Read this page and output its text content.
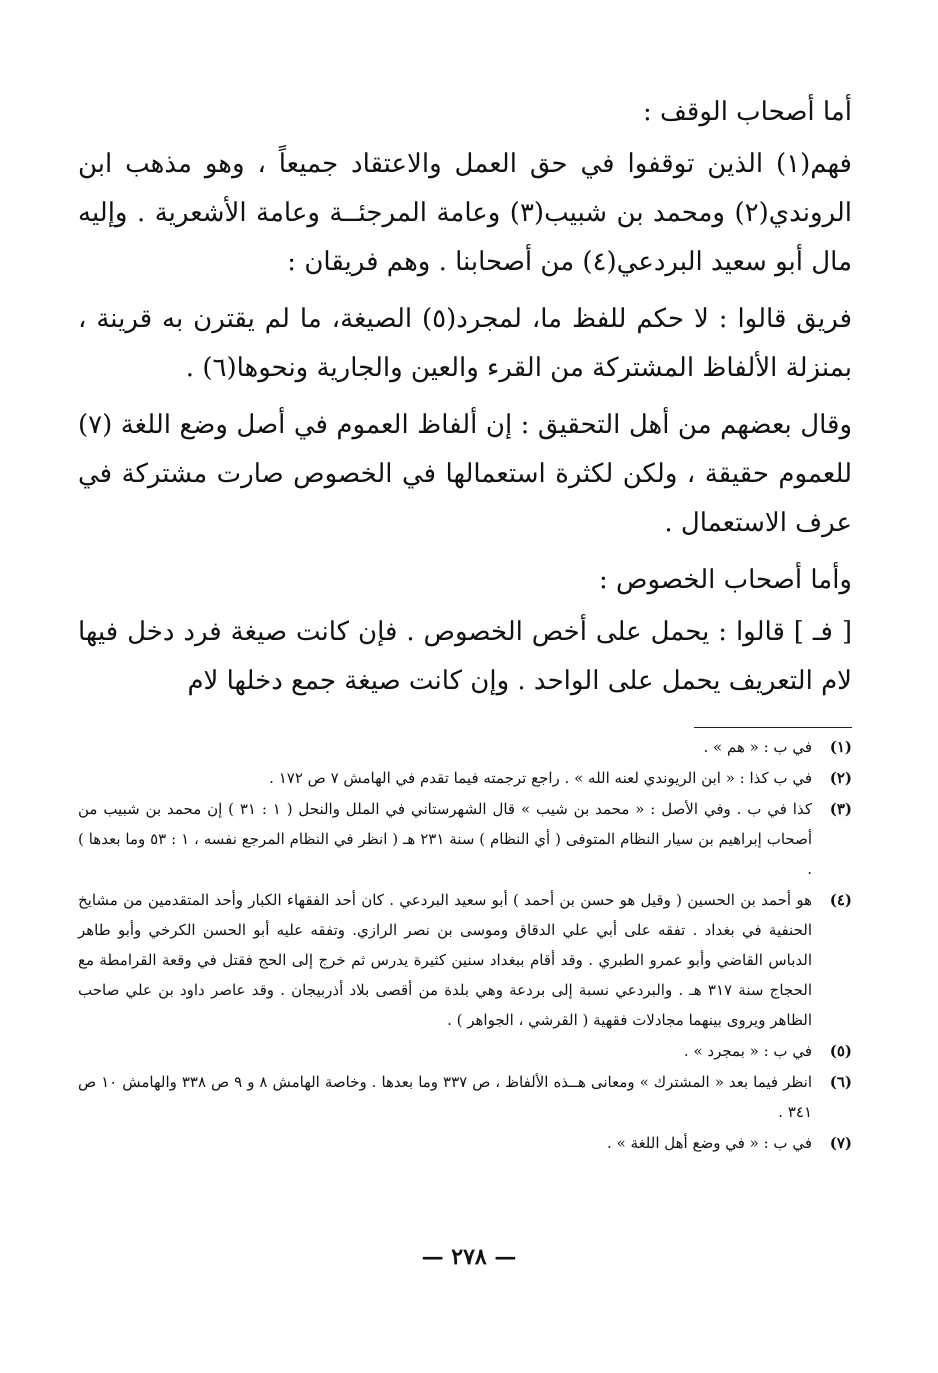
أما أصحاب الوقف :

فهم(١) الذين توقفوا في حق العمل والاعتقاد جميعاً ، وهو مذهب ابن الروندي(٢) ومحمد بن شبيب(٣) وعامة المرجئــة وعامة الأشعرية . وإليه مال أبو سعيد البردعي(٤) من أصحابنا . وهم فريقان :

فريق قالوا : لا حكم للفظ ما، لمجرد(٥) الصيغة، ما لم يقترن به قرينة ، بمنزلة الألفاظ المشتركة من القرء والعين والجارية ونحوها(٦) .

وقال بعضهم من أهل التحقيق : إن ألفاظ العموم في أصل وضع اللغة (٧) للعموم حقيقة ، ولكن لكثرة استعمالها في الخصوص صارت مشتركة في عرف الاستعمال .

وأما أصحاب الخصوص :

[ فـ ] قالوا : يحمل على أخص الخصوص . فإن كانت صيغة فرد دخل فيها لام التعريف يحمل على الواحد . وإن كانت صيغة جمع دخلها لام

(١)
في ب : « هم » .
(٢)
في ب كذا : « ابن الريوندي لعنه الله » . راجع ترجمته فيما تقدم في الهامش ٧ ص ١٧٢ .
(٣)
كذا في ب . وفي الأصل : « محمد بن شيب » قال الشهرستاني في الملل والنحل ( ١ : ٣١ ) إن محمد بن شبيب من أصحاب إبراهيم بن سيار النظام المتوفى ( أي النظام ) سنة ٢٣١ هـ ( انظر في النظام المرجع نفسه ، ١ : ٥٣ وما بعدها ) .
(٤)
هو أحمد بن الحسين ( وقيل هو حسن بن أحمد ) أبو سعيد البردعي . كان أحد الفقهاء الكبار وأحد المتقدمين من مشايخ الحنفية في بغداد . تفقه على أبي علي الدقاق وموسى بن نصر الرازي. وتفقه عليه أبو الحسن الكرخي وأبو طاهر الدباس القاضي وأبو عمرو الطبري . وقد أقام ببغداد سنين كثيرة يدرس ثم خرج إلى الحج فقتل في وقعة القرامطة مع الحجاج سنة ٣١٧ هـ . والبردعي نسبة إلى بردعة وهي بلدة من أقصى بلاد أذربيجان . وقد عاصر داود بن علي صاحب الظاهر ويروى بينهما مجادلات فقهية ( القرشي ، الجواهر ) .
(٥)
في ب : « بمجرد » .
(٦)
انظر فيما بعد « المشترك » ومعانى هــذه الألفاظ ، ص ٣٣٧ وما بعدها . وخاصة الهامش ٨ و ٩ ص ٣٣٨ والهامش ١٠ ص ٣٤١ .
(٧)
في ب : « في وضع أهل اللغة » .
— ٢٧٨ —
